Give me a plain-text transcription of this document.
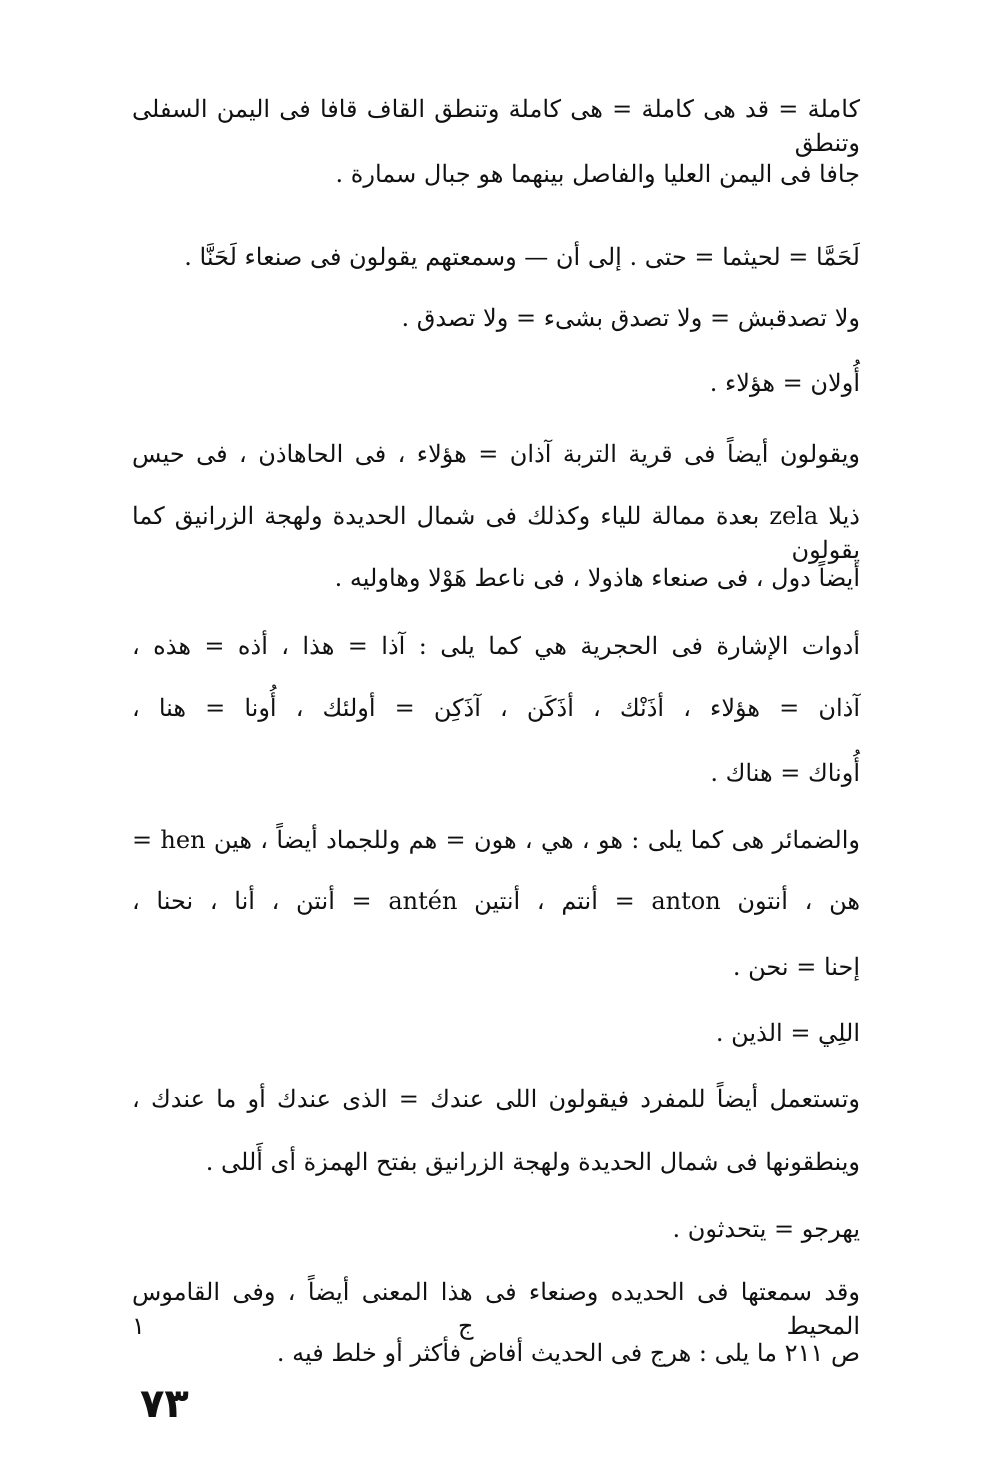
كاملة = قد هى كاملة = هى كاملة وتنطق القاف قافا فى اليمن السفلى وتنطق
جافا فى اليمن العليا والفاصل بينهما هو جبال سمارة .
لَحَمَّا = لحيثما = حتى . إلى أن — وسمعتهم يقولون فى صنعاء لَحَنَّا .
ولا تصدقبش = ولا تصدق بشىء = ولا تصدق .
أُولان = هؤلاء .
ويقولون أيضاً فى قرية التربة آذان = هؤلاء ، فى الحاهاذن ، فى حيس
ذيلا zela بعدة ممالة للياء وكذلك فى شمال الحديدة ولهجة الزرانيق كما يقولون
أيضاً دول ، فى صنعاء هاذولا ، فى ناعط هَوْلا وهاوليه .
أدوات الإشارة فى الحجرية هي كما يلى : آذا = هذا ، أذه = هذه ،
آذان = هؤلاء ، أذَنْك ، أذَكَن ، آذَكِن = أولئك ، أُونا = هنا ،
أُوناك = هناك .
والضمائر هى كما يلى : هو ، هي ، هون = هم وللجماد أيضاً ، هين hen =
هن ، أنتون anton = أنتم ، أنتين antén = أنتن ، أنا ، نحنا ،
إحنا = نحن .
اللِي = الذين .
وتستعمل أيضاً للمفرد فيقولون اللى عندك = الذى عندك أو ما عندك ،
وينطقونها فى شمال الحديدة ولهجة الزرانيق بفتح الهمزة أى أَللى .
يهرجو = يتحدثون .
وقد سمعتها فى الحديده وصنعاء فى هذا المعنى أيضاً ، وفى القاموس المحيط ج ١
ص ٢١١ ما يلى : هرج فى الحديث أفاض فأكثر أو خلط فيه .
٧٣
